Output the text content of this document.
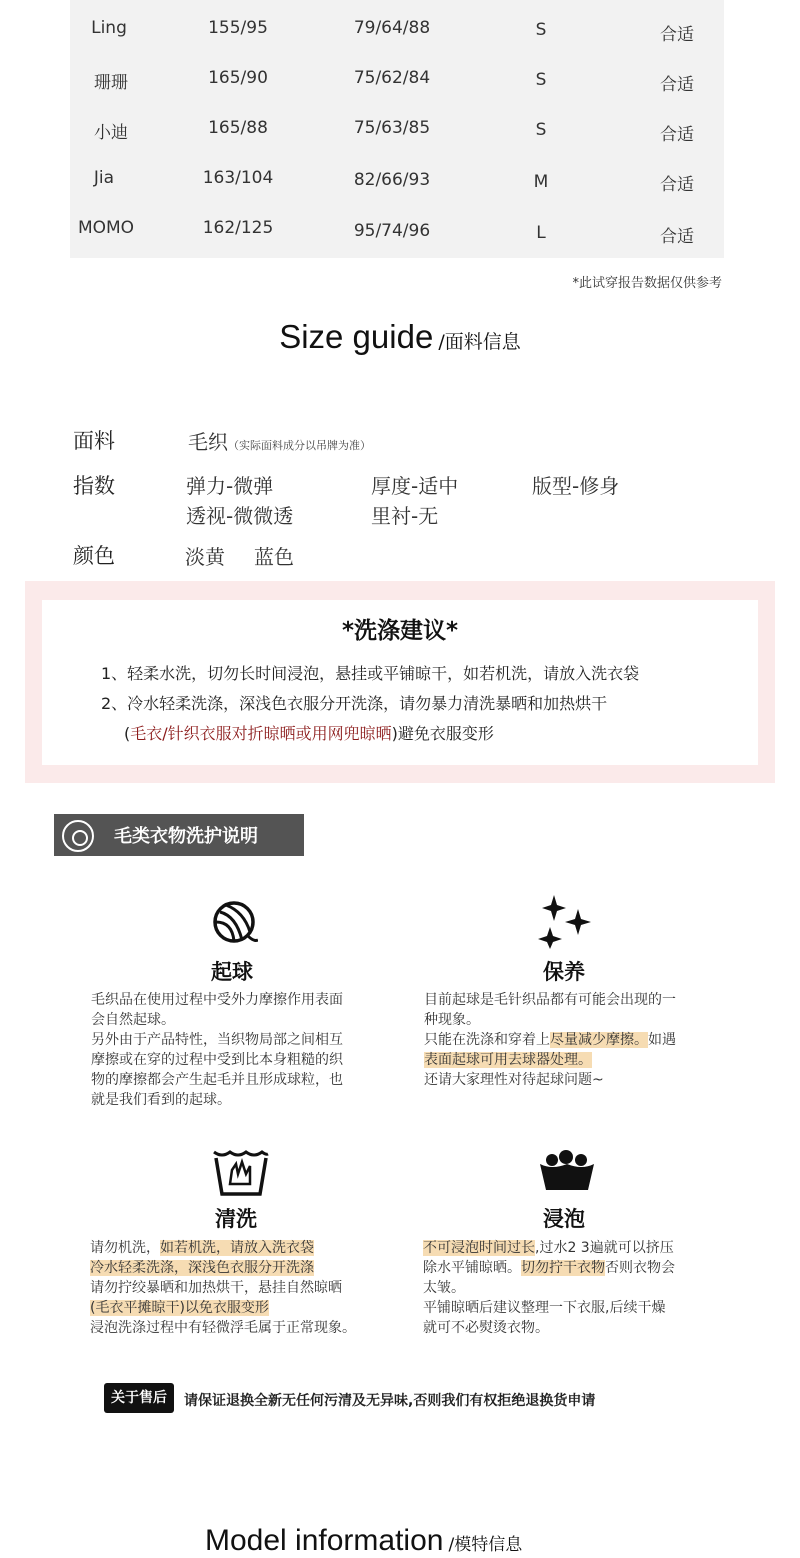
Ling	155/95	79/64/88	S	合适
珊珊	165/90	75/62/84	S	合适
小迪	165/88	75/63/85	S	合适
Jia	163/104	82/66/93	M	合适
MOMO	162/125	95/74/96	L	合适
*此试穿报告数据仅供参考
Size guide /面料信息
面料	毛织（实际面料成分以吊牌为准）
指数	弹力-微弹	厚度-适中	版型-修身
透视-微微透	里衬-无
颜色	淡黄 蓝色
*洗涤建议*
1、轻柔水洗，切勿长时间浸泡，悬挂或平铺晾干，如若机洗，请放入洗衣袋
2、冷水轻柔洗涤，深浅色衣服分开洗涤，请勿暴力清洗暴晒和加热烘干
(毛衣/针织衣服对折晾晒或用网兜晾晒)避免衣服变形
毛类衣物洗护说明
起球
毛织品在使用过程中受外力摩擦作用表面
会自然起球。
另外由于产品特性，当织物局部之间相互
摩擦或在穿的过程中受到比本身粗糙的织
物的摩擦都会产生起毛并且形成球粒，也
就是我们看到的起球。
保养
目前起球是毛针织品都有可能会出现的一
种现象。
只能在洗涤和穿着上尽量减少摩擦。如遇
表面起球可用去球器处理。
还请大家理性对待起球问题~
清洗
请勿机洗，如若机洗，请放入洗衣袋
冷水轻柔洗涤，深浅色衣服分开洗涤
请勿拧绞暴晒和加热烘干，悬挂自然晾晒
(毛衣平摊晾干)以免衣服变形
浸泡洗涤过程中有轻微浮毛属于正常现象。
浸泡
不可浸泡时间过长,过水2 3遍就可以挤压
除水平铺晾晒。切勿拧干衣物否则衣物会
太皱。
平铺晾晒后建议整理一下衣服,后续干燥
就可不必熨烫衣物。
关于售后	请保证退换全新无任何污清及无异味,否则我们有权拒绝退换货申请
Model information /模特信息
